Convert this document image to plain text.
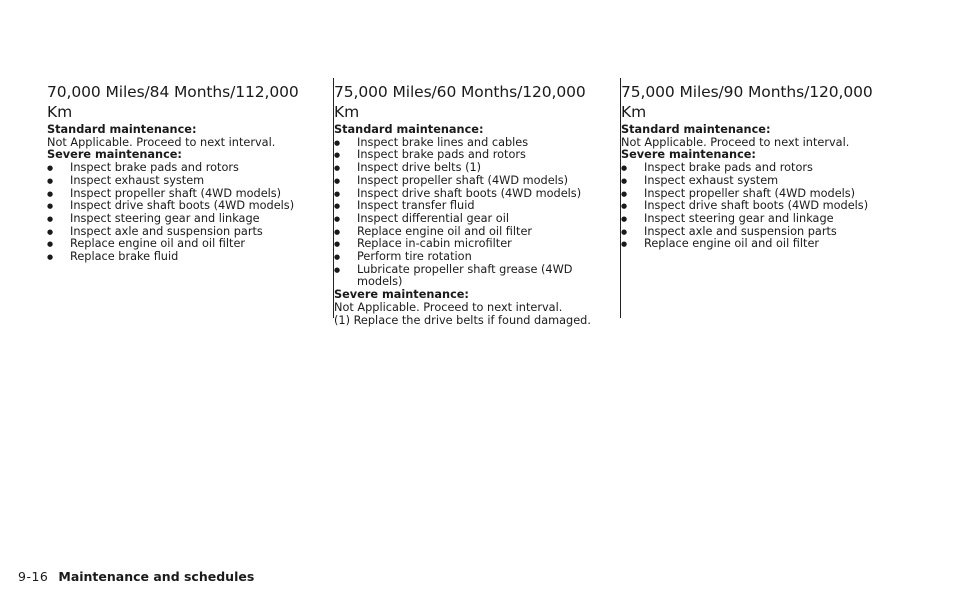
70,000 Miles/84 Months/112,000 Km

Standard maintenance:

Not Applicable. Proceed to next interval.

Severe maintenance:

● Inspect brake pads and rotors
● Inspect exhaust system
● Inspect propeller shaft (4WD models)
● Inspect drive shaft boots (4WD models)
● Inspect steering gear and linkage
● Inspect axle and suspension parts
● Replace engine oil and oil filter
● Replace brake fluid
75,000 Miles/60 Months/120,000 Km

Standard maintenance:

● Inspect brake lines and cables
● Inspect brake pads and rotors
● Inspect drive belts (1)
● Inspect propeller shaft (4WD models)
● Inspect drive shaft boots (4WD models)
● Inspect transfer fluid
● Inspect differential gear oil
● Replace engine oil and oil filter
● Replace in-cabin microfilter
● Perform tire rotation
● Lubricate propeller shaft grease (4WD models)

Severe maintenance:

Not Applicable. Proceed to next interval.

(1) Replace the drive belts if found damaged.

75,000 Miles/90 Months/120,000 Km

Standard maintenance:

Not Applicable. Proceed to next interval.

Severe maintenance:

● Inspect brake pads and rotors
● Inspect exhaust system
● Inspect propeller shaft (4WD models)
● Inspect drive shaft boots (4WD models)
● Inspect steering gear and linkage
● Inspect axle and suspension parts
● Replace engine oil and oil filter
9-16 Maintenance and schedules
